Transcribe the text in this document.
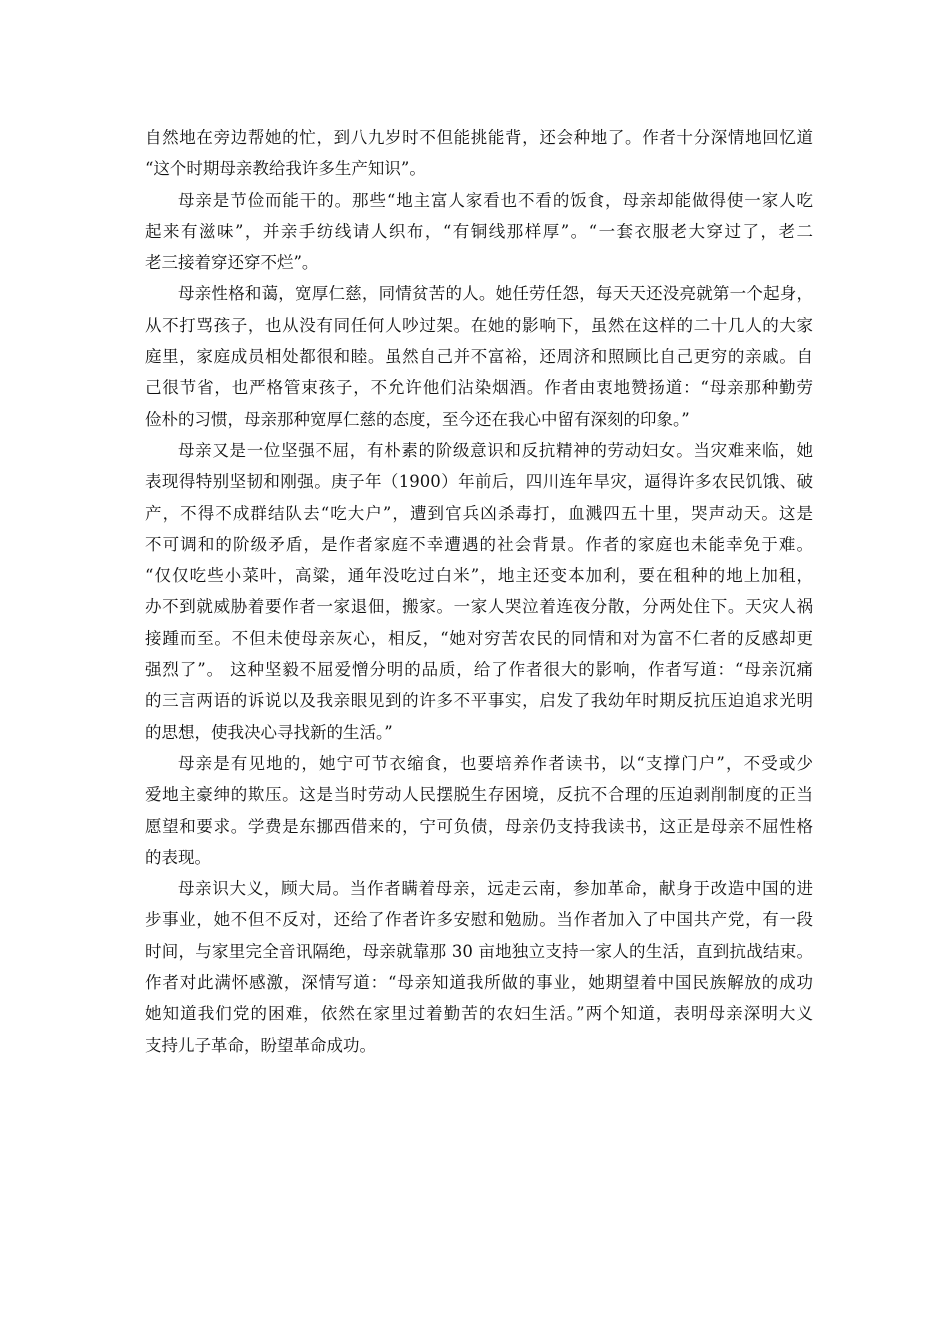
自然地在旁边帮她的忙，到八九岁时不但能挑能背，还会种地了。作者十分深情地回忆道
“这个时期母亲教给我许多生产知识”。
母亲是节俭而能干的。那些“地主富人家看也不看的饭食，母亲却能做得使一家人吃
起来有滋味”，并亲手纺线请人织布，“有铜线那样厚”。“一套衣服老大穿过了，老二
老三接着穿还穿不烂”。
母亲性格和蔼，宽厚仁慈，同情贫苦的人。她任劳任怨，每天天还没亮就第一个起身，
从不打骂孩子，也从没有同任何人吵过架。在她的影响下，虽然在这样的二十几人的大家
庭里，家庭成员相处都很和睦。虽然自己并不富裕，还周济和照顾比自己更穷的亲戚。自
己很节省，也严格管束孩子，不允许他们沾染烟酒。作者由衷地赞扬道：“母亲那种勤劳
俭朴的习惯，母亲那种宽厚仁慈的态度，至今还在我心中留有深刻的印象。”
母亲又是一位坚强不屈，有朴素的阶级意识和反抗精神的劳动妇女。当灾难来临，她
表现得特别坚韧和刚强。庚子年（1900）年前后，四川连年旱灾，逼得许多农民饥饿、破
产，不得不成群结队去“吃大户”，遭到官兵凶杀毒打，血溅四五十里，哭声动天。这是
不可调和的阶级矛盾，是作者家庭不幸遭遇的社会背景。作者的家庭也未能幸免于难。
“仅仅吃些小菜叶，高粱，通年没吃过白米”，地主还变本加利，要在租种的地上加租，
办不到就威胁着要作者一家退佃，搬家。一家人哭泣着连夜分散，分两处住下。天灾人祸
接踵而至。不但未使母亲灰心，相反，“她对穷苦农民的同情和对为富不仁者的反感却更
强烈了”。 这种坚毅不屈爱憎分明的品质，给了作者很大的影响，作者写道：“母亲沉痛
的三言两语的诉说以及我亲眼见到的许多不平事实，启发了我幼年时期反抗压迫追求光明
的思想，使我决心寻找新的生活。”
母亲是有见地的，她宁可节衣缩食，也要培养作者读书，以“支撑门户”，不受或少
爱地主豪绅的欺压。这是当时劳动人民摆脱生存困境，反抗不合理的压迫剥削制度的正当
愿望和要求。学费是东挪西借来的，宁可负债，母亲仍支持我读书，这正是母亲不屈性格
的表现。
母亲识大义，顾大局。当作者瞒着母亲，远走云南，参加革命，献身于改造中国的进
步事业，她不但不反对，还给了作者许多安慰和勉励。当作者加入了中国共产党，有一段
时间，与家里完全音讯隔绝，母亲就靠那 30 亩地独立支持一家人的生活，直到抗战结束。
作者对此满怀感激，深情写道：“母亲知道我所做的事业，她期望着中国民族解放的成功
她知道我们党的困难，依然在家里过着勤苦的农妇生活。”两个知道，表明母亲深明大义
支持儿子革命，盼望革命成功。
